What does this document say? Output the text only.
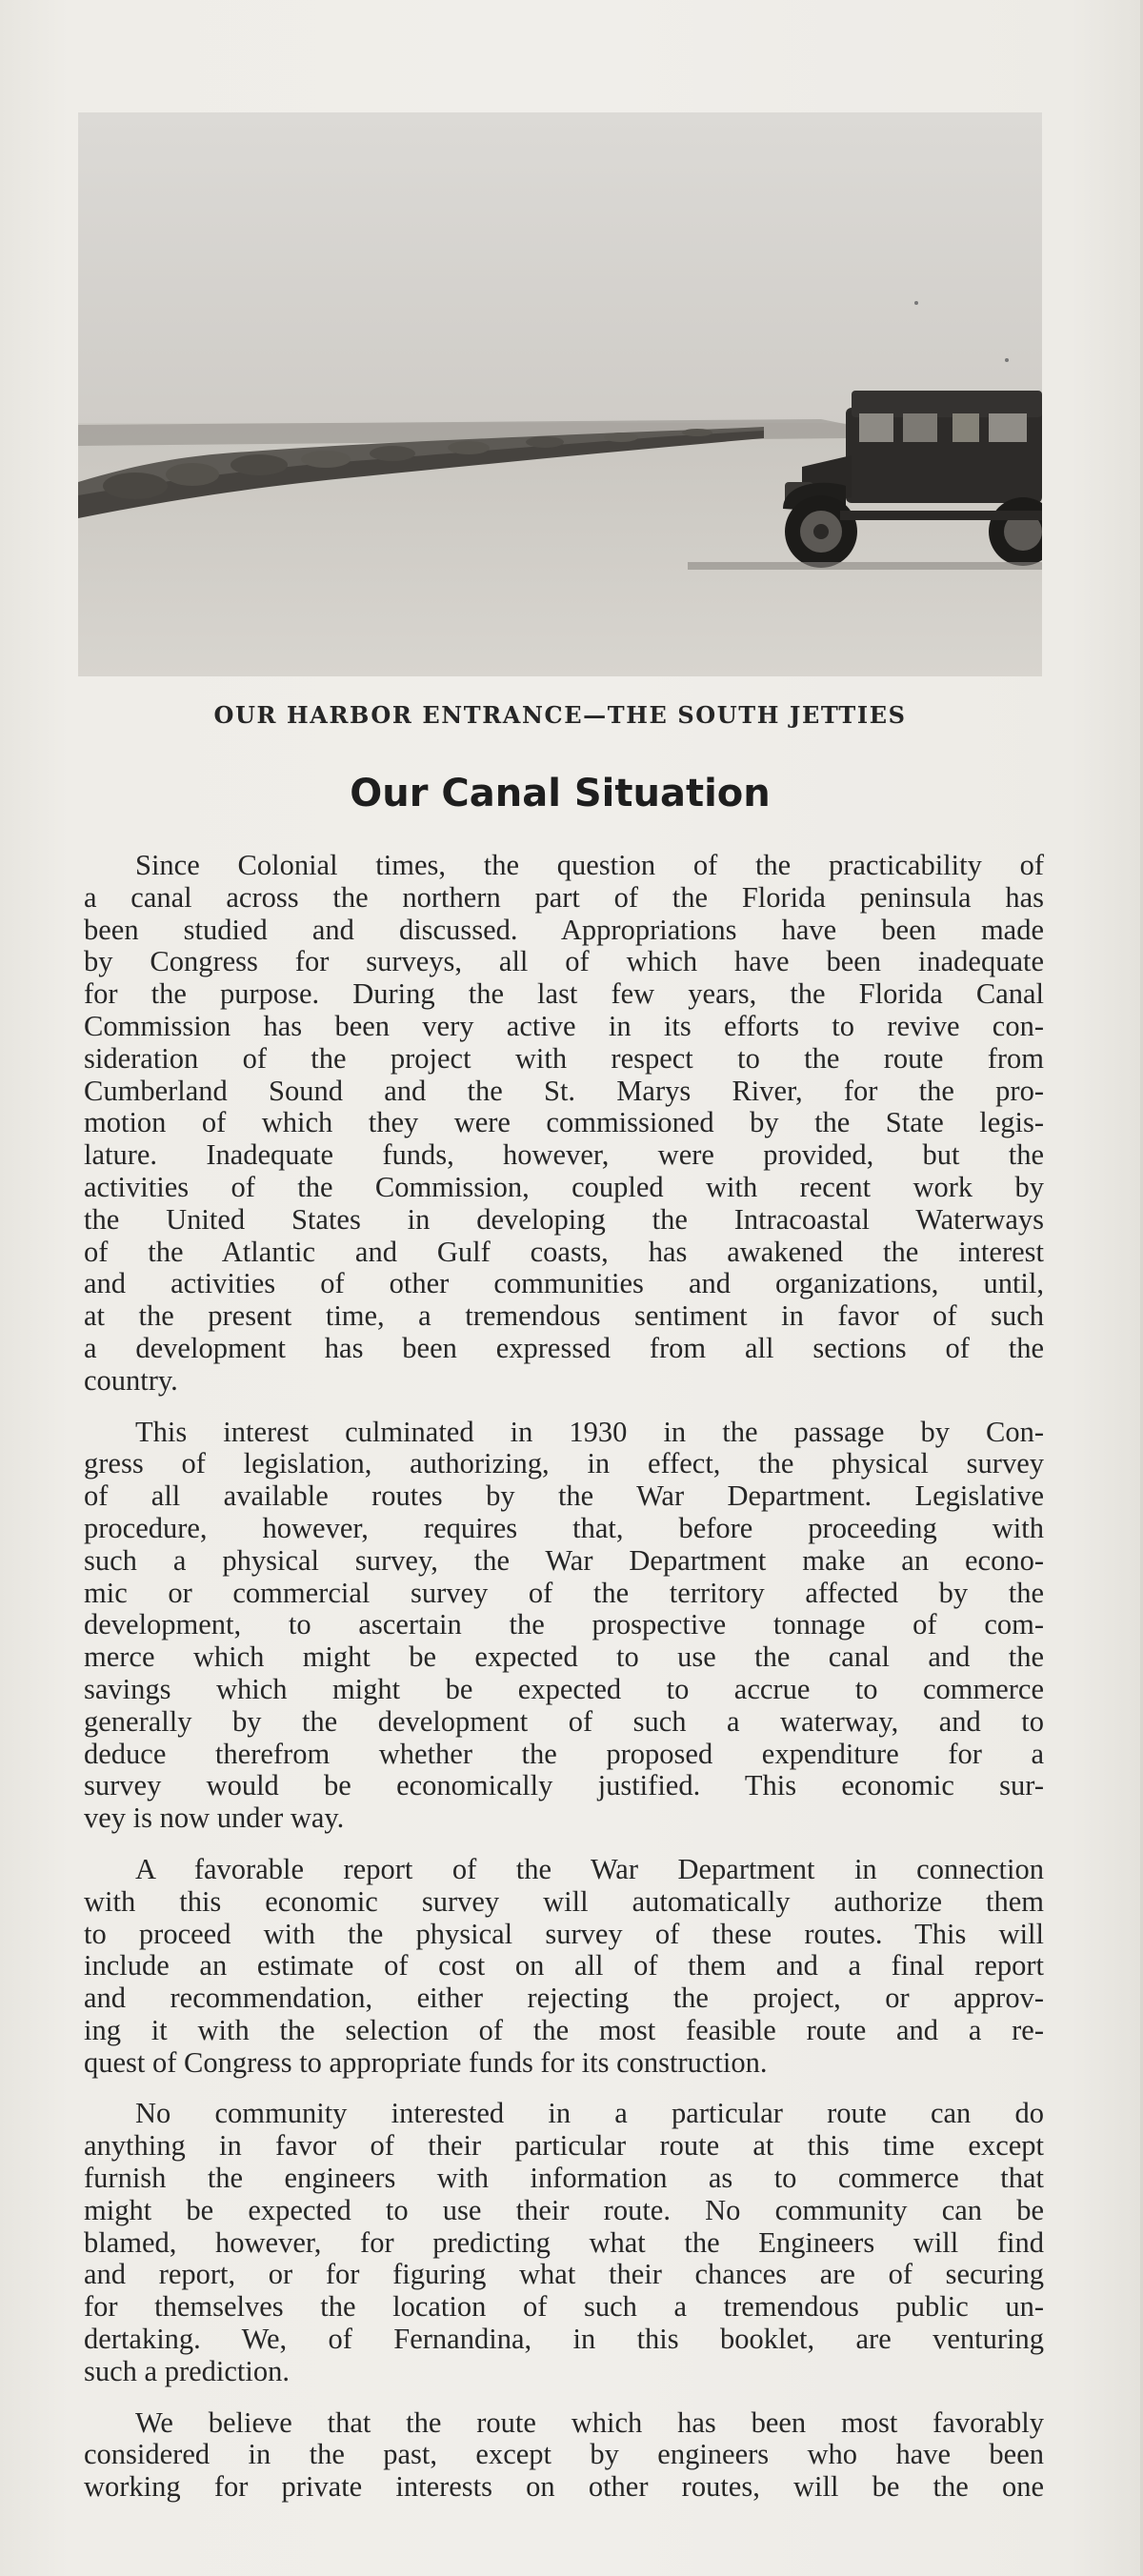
OUR HARBOR ENTRANCE—THE SOUTH JETTIES
Our Canal Situation

Since Colonial times, the question of the practicability of
a canal across the northern part of the Florida peninsula has
been studied and discussed. Appropriations have been made
by Congress for surveys, all of which have been inadequate
for the purpose. During the last few years, the Florida Canal
Commission has been very active in its efforts to revive con-
sideration of the project with respect to the route from
Cumberland Sound and the St. Marys River, for the pro-
motion of which they were commissioned by the State legis-
lature. Inadequate funds, however, were provided, but the
activities of the Commission, coupled with recent work by
the United States in developing the Intracoastal Waterways
of the Atlantic and Gulf coasts, has awakened the interest
and activities of other communities and organizations, until,
at the present time, a tremendous sentiment in favor of such
a development has been expressed from all sections of the
country.

This interest culminated in 1930 in the passage by Con-
gress of legislation, authorizing, in effect, the physical survey
of all available routes by the War Department. Legislative
procedure, however, requires that, before proceeding with
such a physical survey, the War Department make an econo-
mic or commercial survey of the territory affected by the
development, to ascertain the prospective tonnage of com-
merce which might be expected to use the canal and the
savings which might be expected to accrue to commerce
generally by the development of such a waterway, and to
deduce therefrom whether the proposed expenditure for a
survey would be economically justified. This economic sur-
vey is now under way.

A favorable report of the War Department in connection
with this economic survey will automatically authorize them
to proceed with the physical survey of these routes. This will
include an estimate of cost on all of them and a final report
and recommendation, either rejecting the project, or approv-
ing it with the selection of the most feasible route and a re-
quest of Congress to appropriate funds for its construction.

No community interested in a particular route can do
anything in favor of their particular route at this time except
furnish the engineers with information as to commerce that
might be expected to use their route. No community can be
blamed, however, for predicting what the Engineers will find
and report, or for figuring what their chances are of securing
for themselves the location of such a tremendous public un-
dertaking. We, of Fernandina, in this booklet, are venturing
such a prediction.

We believe that the route which has been most favorably
considered in the past, except by engineers who have been
working for private interests on other routes, will be the one
